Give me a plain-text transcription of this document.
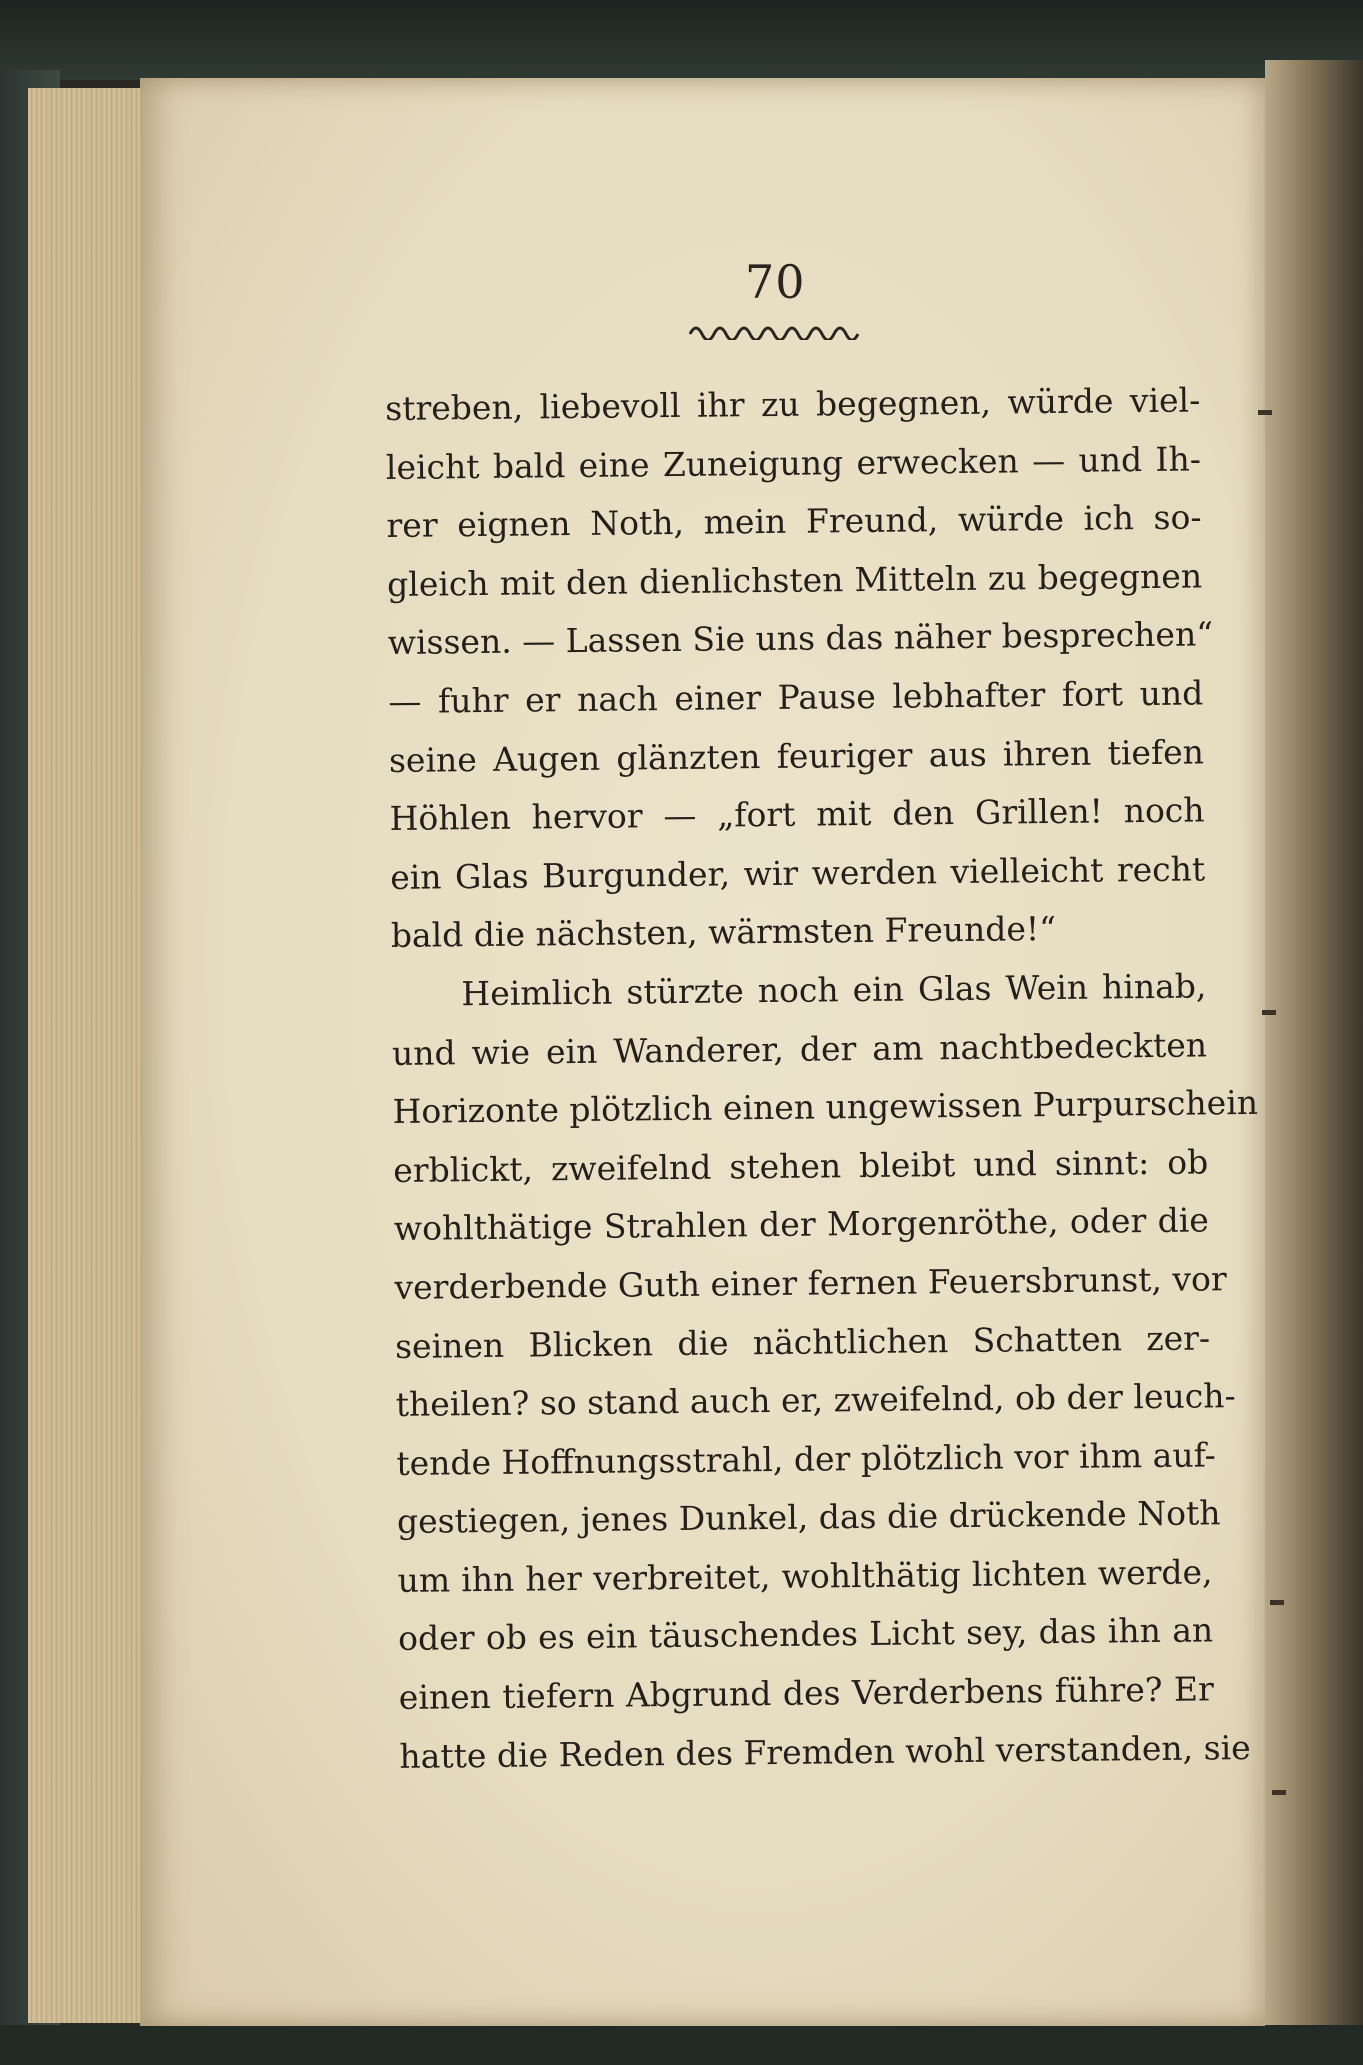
70
streben, liebevoll ihr zu begegnen, würde viel-
leicht bald eine Zuneigung erwecken — und Ih-
rer eignen Noth, mein Freund, würde ich so-
gleich mit den dienlichsten Mitteln zu begegnen
wissen. — Lassen Sie uns das näher besprechen“
— fuhr er nach einer Pause lebhafter fort und
seine Augen glänzten feuriger aus ihren tiefen
Höhlen hervor — „fort mit den Grillen! noch
ein Glas Burgunder, wir werden vielleicht recht
bald die nächsten, wärmsten Freunde!“
Heimlich stürzte noch ein Glas Wein hinab,
und wie ein Wanderer, der am nachtbedeckten
Horizonte plötzlich einen ungewissen Purpurschein
erblickt, zweifelnd stehen bleibt und sinnt: ob
wohlthätige Strahlen der Morgenröthe, oder die
verderbende Guth einer fernen Feuersbrunst, vor
seinen Blicken die nächtlichen Schatten zer-
theilen? so stand auch er, zweifelnd, ob der leuch-
tende Hoffnungsstrahl, der plötzlich vor ihm auf-
gestiegen, jenes Dunkel, das die drückende Noth
um ihn her verbreitet, wohlthätig lichten werde,
oder ob es ein täuschendes Licht sey, das ihn an
einen tiefern Abgrund des Verderbens führe? Er
hatte die Reden des Fremden wohl verstanden, sie
